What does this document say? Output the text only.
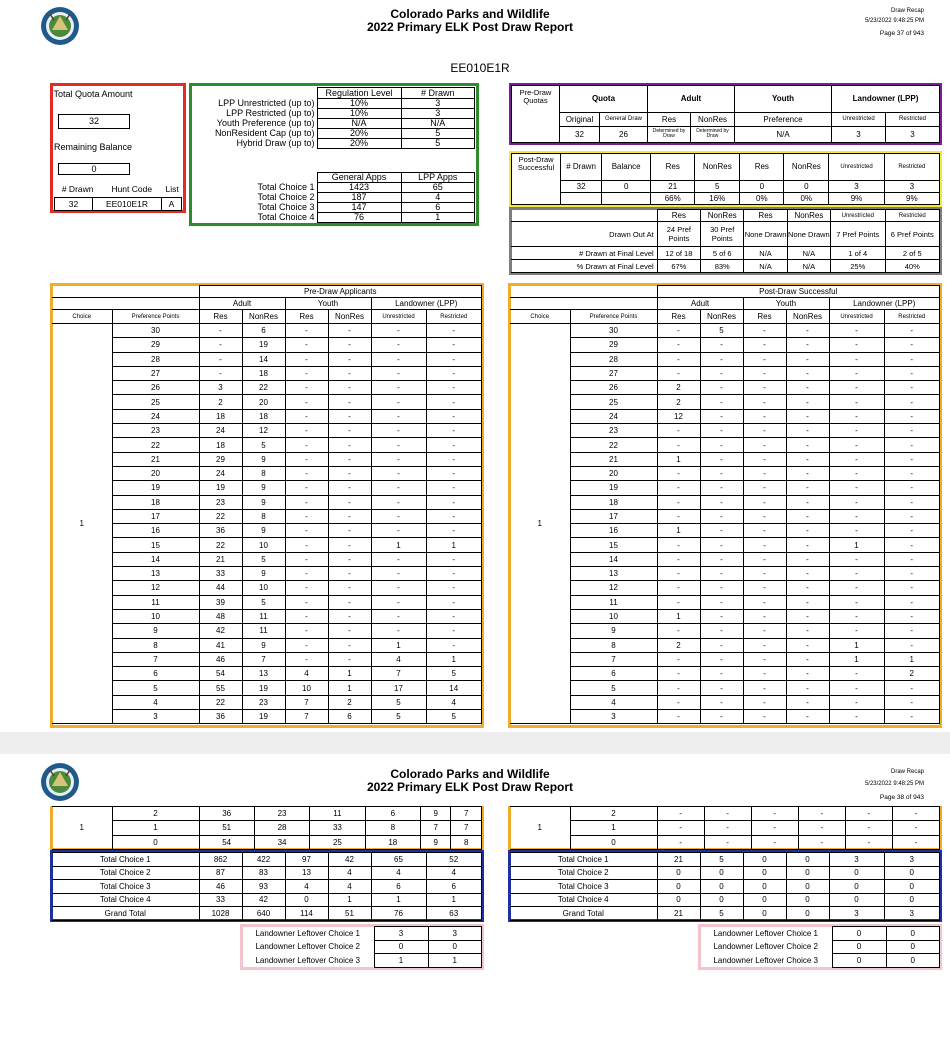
Colorado Parks and Wildlife
2022 Primary ELK Post Draw Report
Draw Recap
5/23/2022 9:48:25 PM
Page 37 of 943
EE010E1R
Total Quota Amount
32
Remaining Balance
0
# Drawn	Hunt Code	List
32	EE010E1R	A
	Regulation Level	# Drawn
LPP Unrestricted (up to)	10%	3
LPP Restricted (up to)	10%	3
Youth Preference (up to)	N/A	N/A
NonResident Cap (up to)	20%	5
Hybrid Draw (up to)	20%	5
	General Apps	LPP Apps
Total Choice 1	1423	65
Total Choice 2	187	4
Total Choice 3	147	6
Total Choice 4	76	1
Pre-Draw Quotas	Quota		Adult		Youth	Landowner (LPP)	
	Original	General Draw	Res	NonRes	Preference	Unrestricted	Restricted
	32	26	Determined by Draw	Determined by Draw	N/A	3	3
Post-Draw Successful	# Drawn	Balance	Res	NonRes	Res	NonRes	Unrestricted	Restricted
	32	0	21	5	0	0	3	3
			66%	16%	0%	0%	9%	9%
	Res	NonRes	Res	NonRes	Unrestricted	Restricted
Drawn Out At	24 Pref Points	30 Pref Points	None Drawn	None Drawn	7 Pref Points	6 Pref Points
# Drawn at Final Level	12 of 18	5 of 6	N/A	N/A	1 of 4	2 of 5
% Drawn at Final Level	67%	83%	N/A	N/A	25%	40%
		Pre-Draw Applicants					
		Adult		Youth		Landowner (LPP)	
Choice	Preference Points	Res	NonRes	Res	NonRes	Unrestricted	Restricted
1	30	-	6	-	-	-	-
	29	-	19	-	-	-	-
	28	-	14	-	-	-	-
	27	-	18	-	-	-	-
	26	3	22	-	-	-	-
	25	2	20	-	-	-	-
	24	18	18	-	-	-	-
	23	24	12	-	-	-	-
	22	18	5	-	-	-	-
	21	29	9	-	-	-	-
	20	24	8	-	-	-	-
	19	19	9	-	-	-	-
	18	23	9	-	-	-	-
	17	22	8	-	-	-	-
	16	36	9	-	-	-	-
	15	22	10	-	-	1	1
	14	21	5	-	-	-	-
	13	33	9	-	-	-	-
	12	44	10	-	-	-	-
	11	39	5	-	-	-	-
	10	48	11	-	-	-	-
	9	42	11	-	-	-	-
	8	41	9	-	-	1	-
	7	46	7	-	-	4	1
	6	54	13	4	1	7	5
	5	55	19	10	1	17	14
	4	22	23	7	2	5	4
	3	36	19	7	6	5	5
		Post-Draw Successful					
		Adult		Youth		Landowner (LPP)	
Choice	Preference Points	Res	NonRes	Res	NonRes	Unrestricted	Restricted
1	30	-	5	-	-	-	-
	29	-	-	-	-	-	-
	28	-	-	-	-	-	-
	27	-	-	-	-	-	-
	26	2	-	-	-	-	-
	25	2	-	-	-	-	-
	24	12	-	-	-	-	-
	23	-	-	-	-	-	-
	22	-	-	-	-	-	-
	21	1	-	-	-	-	-
	20	-	-	-	-	-	-
	19	-	-	-	-	-	-
	18	-	-	-	-	-	-
	17	-	-	-	-	-	-
	16	1	-	-	-	-	-
	15	-	-	-	-	1	-
	14	-	-	-	-	-	-
	13	-	-	-	-	-	-
	12	-	-	-	-	-	-
	11	-	-	-	-	-	-
	10	1	-	-	-	-	-
	9	-	-	-	-	-	-
	8	2	-	-	-	1	-
	7	-	-	-	-	1	1
	6	-	-	-	-	-	2
	5	-	-	-	-	-	-
	4	-	-	-	-	-	-
	3	-	-	-	-	-	-
Colorado Parks and Wildlife
2022 Primary ELK Post Draw Report
Draw Recap
5/23/2022 9:48:25 PM
Page 38 of 943
1	2	36	23	11	6	9	7
	1	51	28	33	8	7	7
	0	54	34	25	18	9	8
Total Choice 1	862	422	97	42	65	52
Total Choice 2	87	83	13	4	4	4
Total Choice 3	46	93	4	4	6	6
Total Choice 4	33	42	0	1	1	1
Grand Total	1028	640	114	51	76	63
Landowner Leftover Choice 1	3	3
Landowner Leftover Choice 2	0	0
Landowner Leftover Choice 3	1	1
1	2	-	-	-	-	-	-
	1	-	-	-	-	-	-
	0	-	-	-	-	-	-
Total Choice 1	21	5	0	0	3	3
Total Choice 2	0	0	0	0	0	0
Total Choice 3	0	0	0	0	0	0
Total Choice 4	0	0	0	0	0	0
Grand Total	21	5	0	0	3	3
Landowner Leftover Choice 1	0	0
Landowner Leftover Choice 2	0	0
Landowner Leftover Choice 3	0	0
